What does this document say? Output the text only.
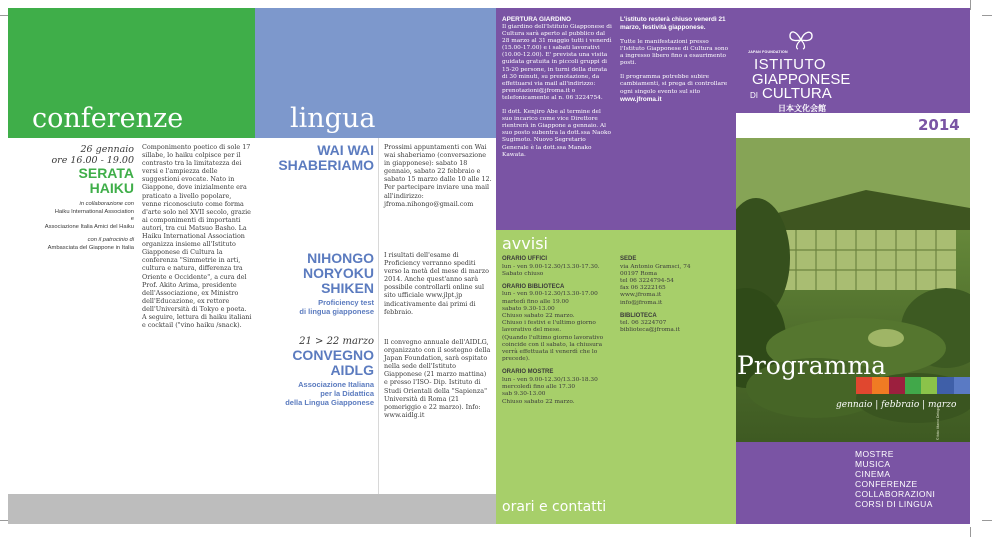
conferenze
26 gennaio
ore 16.00 - 19.00
SERATA
HAIKU
in collaborazione con
Haiku International Association
e
Associazione Italia Amici del Haiku
con il patrocinio di
Ambasciata del Giappone in Italia
Componimento poetico di sole 17 sillabe, lo haiku colpisce per il contrasto tra la limitatezza dei versi e l'ampiezza delle suggestioni evocate. Nato in Giappone, dove inizialmente era praticato a livello popolare, venne riconosciuto come forma d'arte solo nel XVII secolo, grazie ai componimenti di importanti autori, tra cui Matsuo Basho. La Haiku International Association organizza insieme all'Istituto Giapponese di Cultura la conferenza "Simmetrie in arti, cultura e natura, differenza tra Oriente e Occidente", a cura del Prof. Akito Arima, presidente dell'Associazione, ex Ministro dell'Educazione, ex rettore dell'Università di Tokyo e poeta. A seguire, lettura di haiku italiani e cocktail ("vino haiku /snack).
lingua
WAI WAI
SHABERIAMO
Prossimi appuntamenti con Wai wai shaberiamo (conversazione in giapponese): sabato 18 gennaio, sabato 22 febbraio e sabato 15 marzo dalle 10 alle 12. Per partecipare inviare una mail all'indirizzo: jfroma.nihongo@gmail.com
NIHONGO
NORYOKU
SHIKEN
Proficiency test
di lingua giapponese
I risultati dell'esame di Proficiency verranno spediti verso la metà del mese di marzo 2014. Anche quest'anno sarà possibile controllarli online sul sito ufficiale www.jlpt.jp indicativamente dai primi di febbraio.
21 > 22 marzo
CONVEGNO
AIDLG
Associazione Italiana
per la Didattica
della Lingua Giapponese
Il convegno annuale dell'AIDLG, organizzato con il sostegno della Japan Foundation, sarà ospitato nella sede dell'Istituto Giapponese (21 marzo mattina) e presso l'ISO- Dip. Istituto di Studi Orientali della "Sapienza" Università di Roma (21 pomeriggio e 22 marzo). Info: www.aidlg.it
APERTURA GIARDINO
Il giardino dell'Istituto Giapponese di Cultura sarà aperto al pubblico dal 28 marzo al 31 maggio tutti i venerdì (15.00-17.00) e i sabati lavorativi (10.00-12.00). E' prevista una visita guidata gratuita in piccoli gruppi di 15-20 persone, in turni della durata di 30 minuti, su prenotazione, da effettuarsi via mail all'indirizzo: prenotazioni@jfroma.it o telefonicamente al n. 06 3224754.
Il dott. Kenjiro Abe al termine del suo incarico come vice Direttore rientrerà in Giappone a gennaio. Al suo posto subentra la dott.ssa Naoko Sugimoto. Nuovo Segretario Generale è la dott.ssa Manako Kawata.
L'istituto resterà chiuso venerdì 21 marzo, festività giapponese.
Tutte le manifestazioni presso l'Istituto Giapponese di Cultura sono a ingresso libero fino a esaurimento posti.
Il programma potrebbe subire cambiamenti, si prega di controllare ogni singolo evento sul sito
www.jfroma.it
avvisi
ORARIO UFFICI
lun - ven 9.00-12.30/13.30-17.30.
Sabato chiuso
ORARIO BIBLIOTECA
lun - ven 9.00-12.30/13.30-17.00
martedì fino alle 19.00
sabato 9.30-13.00
Chiuso sabato 22 marzo.
Chiuso i festivi e l'ultimo giorno
lavorativo del mese.
(Quando l'ultimo giorno lavorativo
coincide con il sabato, la chiusura
verrà effettuata il venerdì che lo
precede).
ORARIO MOSTRE
lun - ven 9.00-12.30/13.30-18.30
mercoledì fino alle 17.30
sab 9.30-13.00
Chiuso sabato 22 marzo.
SEDE
via Antonio Gramsci, 74
00197 Roma
tel 06 3224794-54
fax 06 3222165
www.jfroma.it
info@jfroma.it
BIBLIOTECA
tel. 06 3224707
biblioteca@jfroma.it
orari e contatti
JAPAN FOUNDATION
ISTITUTO
GIAPPONESE
DI CULTURA
日本文化会館
2014
© foto: Marco Delogu
Programma
gennaio | febbraio | marzo
MOSTRE
MUSICA
CINEMA
CONFERENZE
COLLABORAZIONI
CORSI DI LINGUA
